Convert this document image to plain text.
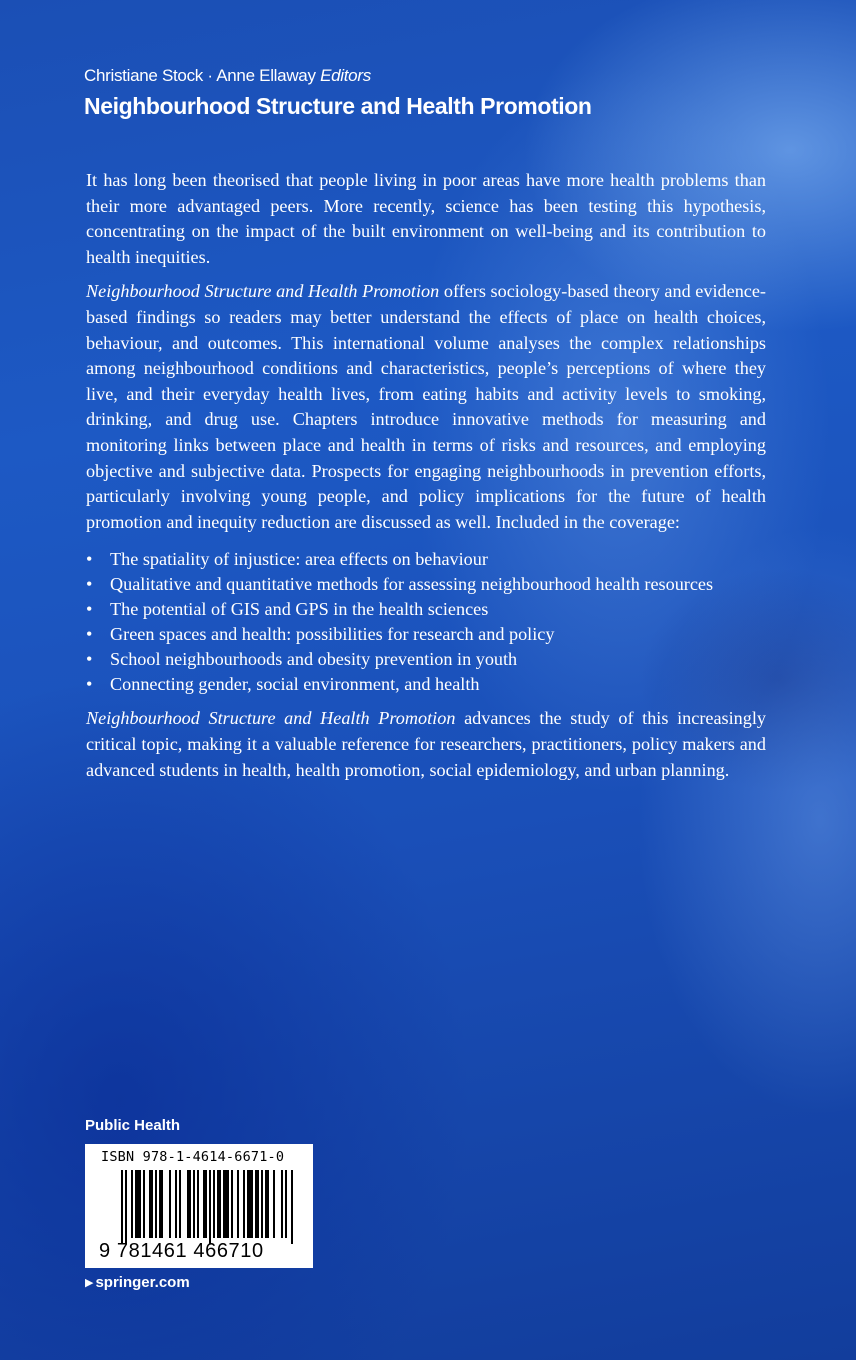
Christiane Stock · Anne Ellaway Editors
Neighbourhood Structure and Health Promotion

It has long been theorised that people living in poor areas have more health problems than their more advantaged peers. More recently, science has been testing this hypothesis, concentrating on the impact of the built environment on well-being and its contribution to health inequities.

Neighbourhood Structure and Health Promotion offers sociology-based theory and evidence-based findings so readers may better understand the effects of place on health choices, behaviour, and outcomes. This international volume analyses the complex relationships among neighbourhood conditions and characteristics, people’s perceptions of where they live, and their everyday health lives, from eating habits and activity levels to smoking, drinking, and drug use. Chapters introduce innovative methods for measuring and monitoring links between place and health in terms of risks and resources, and employing objective and subjective data. Prospects for engaging neighbourhoods in prevention efforts, particularly involving young people, and policy implications for the future of health promotion and inequity reduction are discussed as well. Included in the coverage:

• The spatiality of injustice: area effects on behaviour
• Qualitative and quantitative methods for assessing neighbourhood health resources
• The potential of GIS and GPS in the health sciences
• Green spaces and health: possibilities for research and policy
• School neighbourhoods and obesity prevention in youth
• Connecting gender, social environment, and health

Neighbourhood Structure and Health Promotion advances the study of this increasingly critical topic, making it a valuable reference for researchers, practitioners, policy makers and advanced students in health, health promotion, social epidemiology, and urban planning.

Public Health
ISBN 978-1-4614-6671-0
9 781461 466710
▶ springer.com
